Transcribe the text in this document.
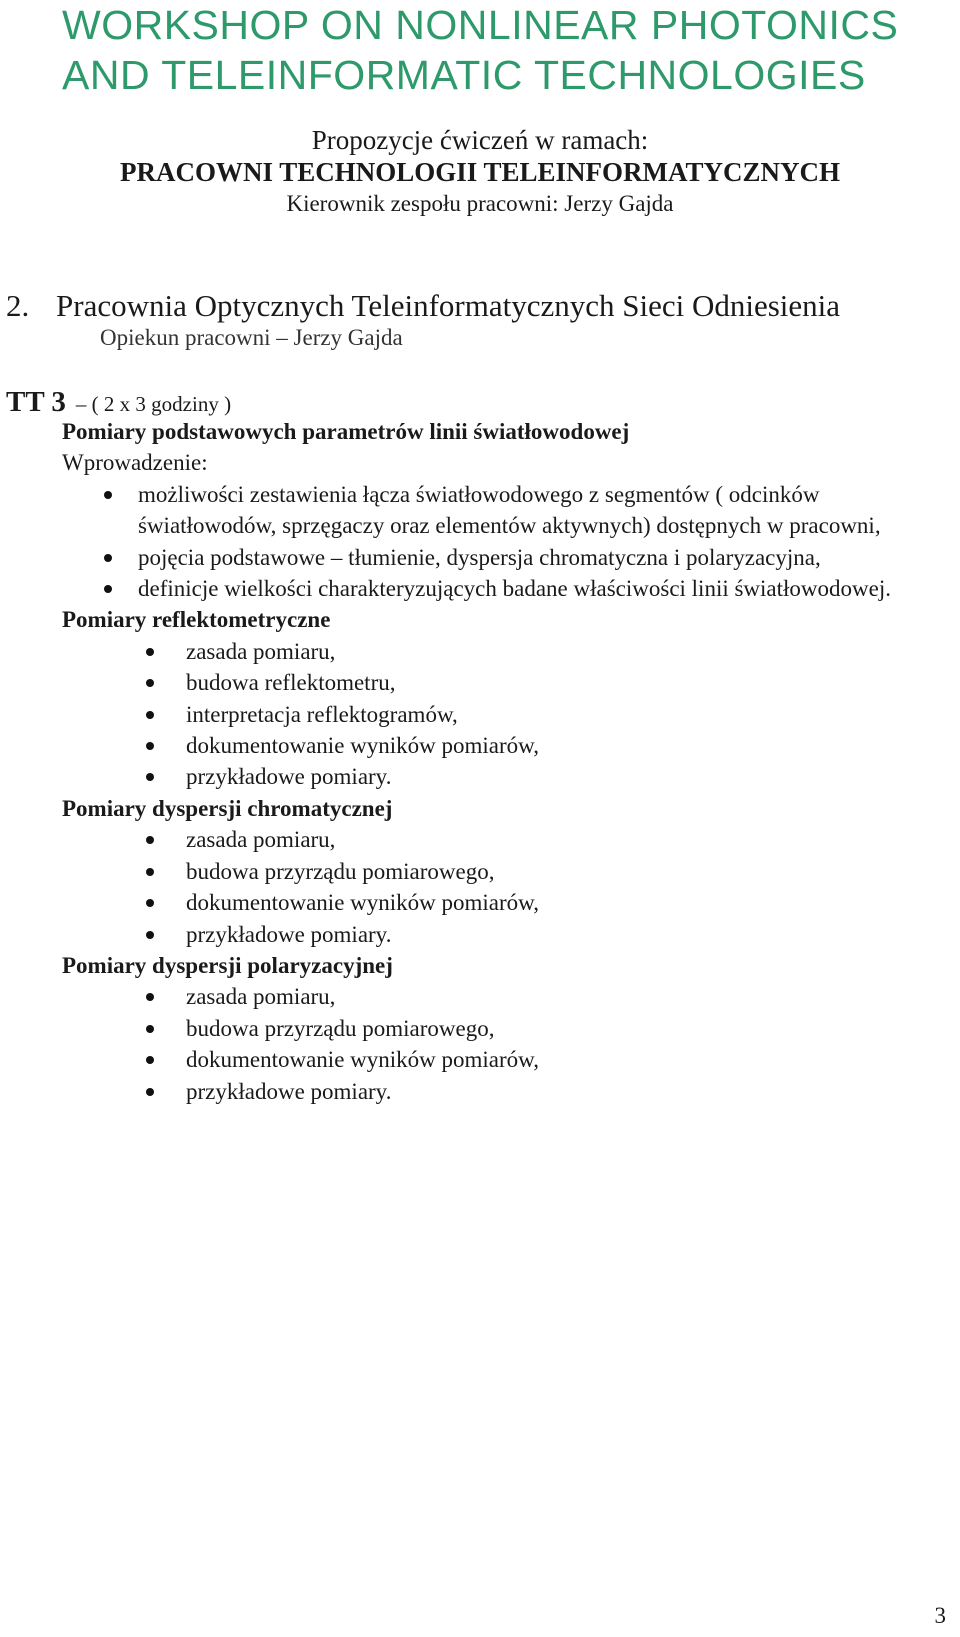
WORKSHOP ON NONLINEAR PHOTONICS
AND TELEINFORMATIC TECHNOLOGIES
Propozycje ćwiczeń w ramach:
PRACOWNI TECHNOLOGII TELEINFORMATYCZNYCH
Kierownik zespołu pracowni: Jerzy Gajda
2. Pracownia Optycznych Teleinformatycznych Sieci Odniesienia
Opiekun pracowni – Jerzy Gajda
TT 3 – ( 2 x 3 godziny )
Pomiary podstawowych parametrów linii światłowodowej
Wprowadzenie:
możliwości zestawienia łącza światłowodowego z segmentów ( odcinków światłowodów, sprzęgaczy oraz elementów aktywnych) dostępnych w pracowni,
pojęcia podstawowe – tłumienie, dyspersja chromatyczna i polaryzacyjna,
definicje wielkości charakteryzujących badane właściwości linii światłowodowej.
Pomiary reflektometryczne
zasada pomiaru,
budowa reflektometru,
interpretacja reflektogramów,
dokumentowanie wyników pomiarów,
przykładowe pomiary.
Pomiary dyspersji chromatycznej
zasada pomiaru,
budowa przyrządu pomiarowego,
dokumentowanie wyników pomiarów,
przykładowe pomiary.
Pomiary dyspersji polaryzacyjnej
zasada pomiaru,
budowa przyrządu pomiarowego,
dokumentowanie wyników pomiarów,
przykładowe pomiary.
3
